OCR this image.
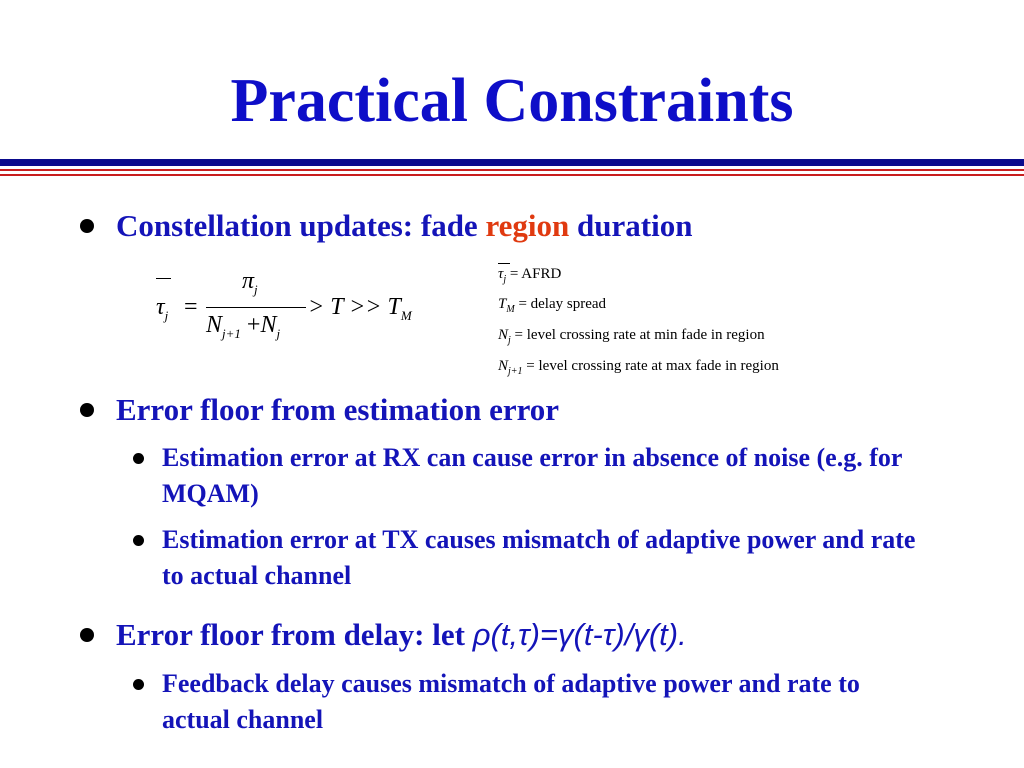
Practical Constraints
Constellation updates: fade region duration
$\tau_j$ =
$\pi_j$
$N_{j+1} +N_j$
> $T >> T_M$
$\tau_j$ = AFRD
$T_M$ = delay spread
$N_j$ = level crossing rate at min fade in region
$N_{j+1}$ = level crossing rate at max fade in region
Error floor from estimation error
Estimation error at RX can cause error in absence of noise (e.g. for MQAM)
Estimation error at TX causes mismatch of adaptive power and rate to actual channel
Error floor from delay: let ρ(t,τ)=γ(t-τ)/γ(t).
Feedback delay causes mismatch of adaptive power and rate to actual channel
